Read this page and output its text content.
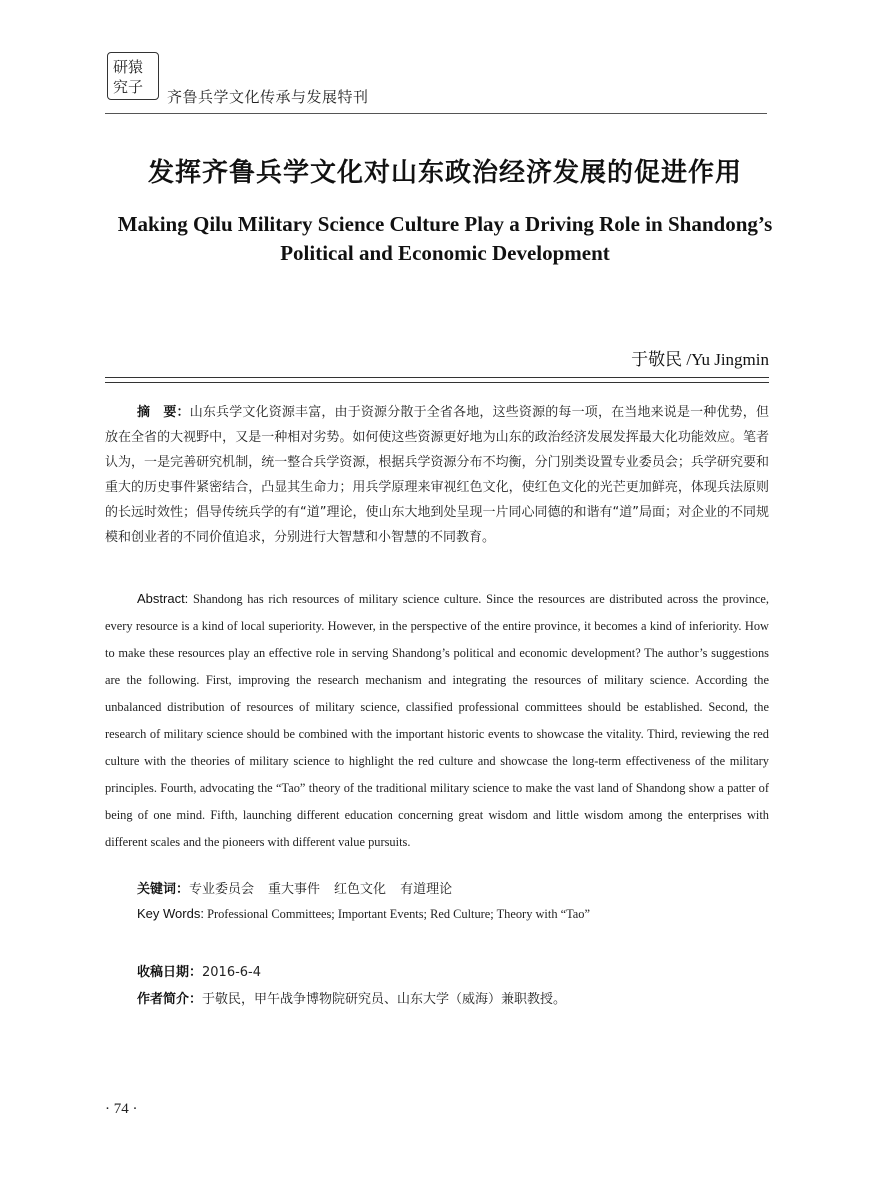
研猿
究子
齐鲁兵学文化传承与发展特刊
发挥齐鲁兵学文化对山东政治经济发展的促进作用
Making Qilu Military Science Culture Play a Driving Role in Shandong’s Political and Economic Development
于敬民 /Yu Jingmin

摘　要：山东兵学文化资源丰富，由于资源分散于全省各地，这些资源的每一项，在当地来说是一种优势，但放在全省的大视野中，又是一种相对劣势。如何使这些资源更好地为山东的政治经济发展发挥最大化功能效应。笔者认为，一是完善研究机制，统一整合兵学资源，根据兵学资源分布不均衡，分门别类设置专业委员会；兵学研究要和重大的历史事件紧密结合，凸显其生命力；用兵学原理来审视红色文化，使红色文化的光芒更加鲜亮，体现兵法原则的长远时效性；倡导传统兵学的有“道”理论，使山东大地到处呈现一片同心同德的和谐有“道”局面；对企业的不同规模和创业者的不同价值追求，分别进行大智慧和小智慧的不同教育。

Abstract: Shandong has rich resources of military science culture. Since the resources are distributed across the province, every resource is a kind of local superiority. However, in the perspective of the entire province, it becomes a kind of inferiority. How to make these resources play an effective role in serving Shandong’s political and economic development? The author’s suggestions are the following. First, improving the research mechanism and integrating the resources of military science. According the unbalanced distribution of resources of military science, classified professional committees should be established. Second, the research of military science should be combined with the important historic events to showcase the vitality. Third, reviewing the red culture with the theories of military science to highlight the red culture and showcase the long-term effectiveness of the military principles. Fourth, advocating the “Tao” theory of the traditional military science to make the vast land of Shandong show a patter of being of one mind. Fifth, launching different education concerning great wisdom and little wisdom among the enterprises with different scales and the pioneers with different value pursuits.

关键词：专业委员会 重大事件 红色文化 有道理论
Key Words: Professional Committees; Important Events; Red Culture; Theory with “Tao”
收稿日期：2016-6-4
作者简介：于敬民，甲午战争博物院研究员、山东大学（威海）兼职教授。
· 74 ·
